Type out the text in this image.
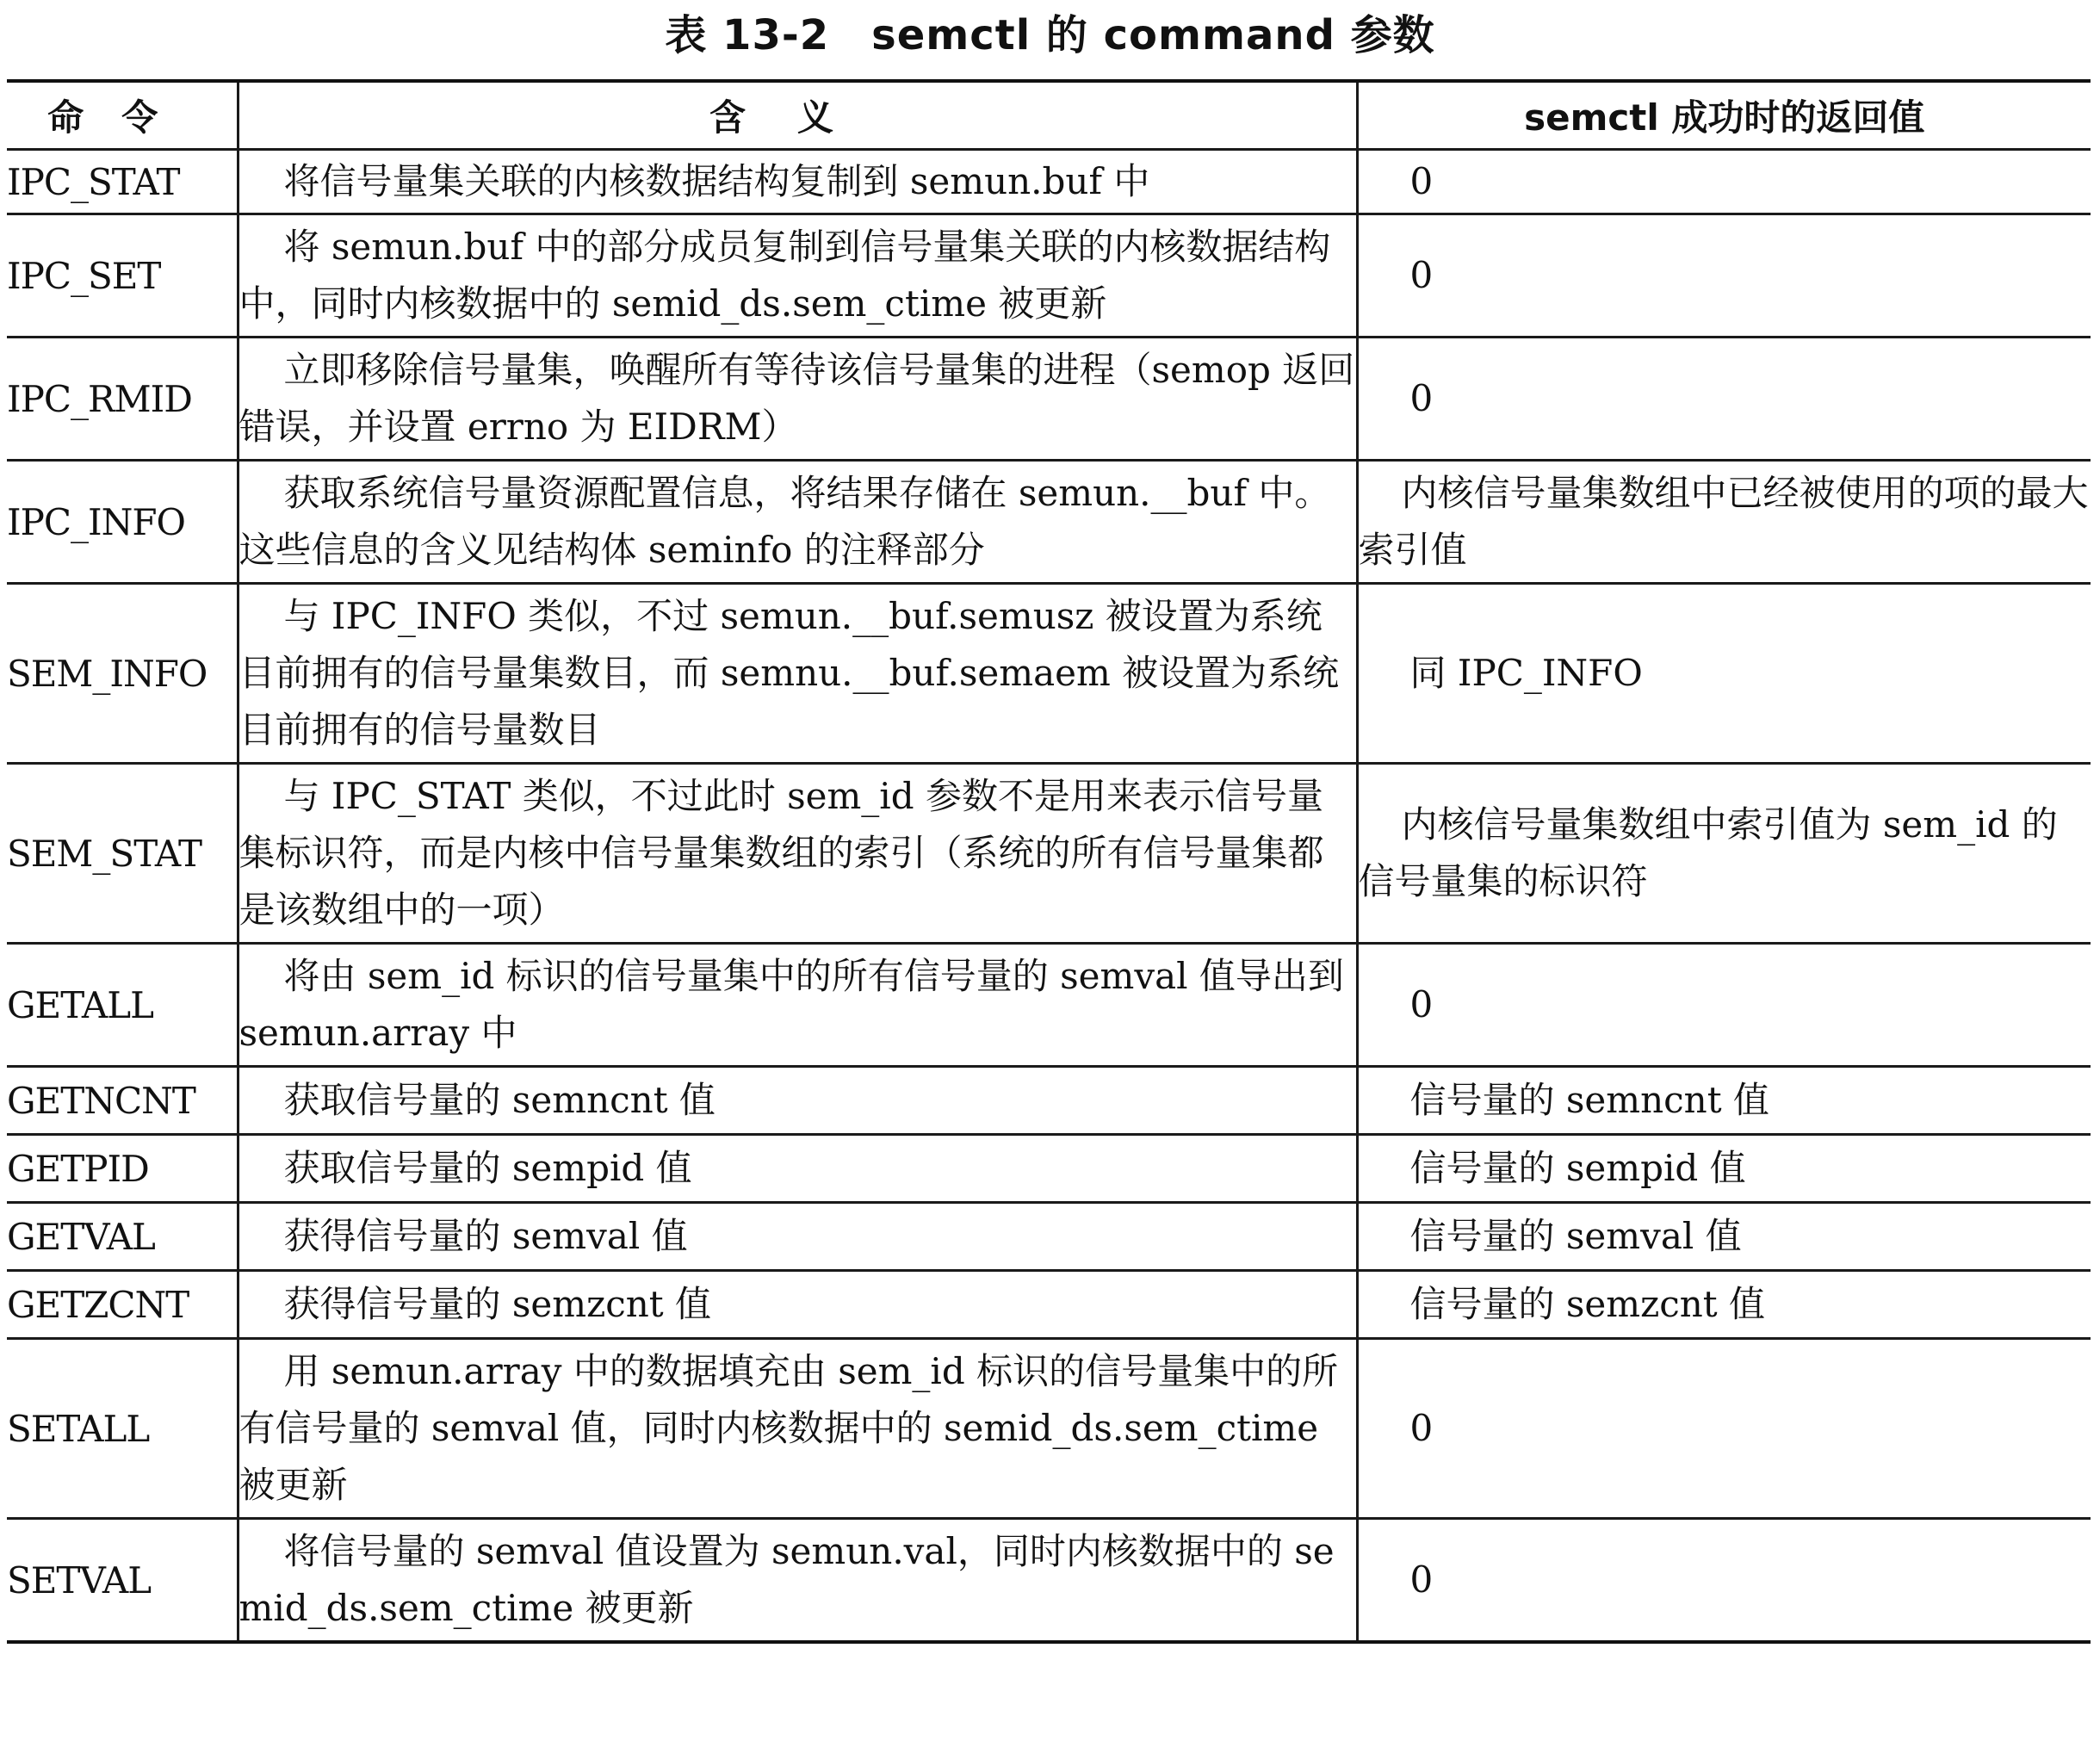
表 13-2　semctl 的 command 参数
命令	含义	semctl 成功时的返回值
IPC_STAT	将信号量集关联的内核数据结构复制到 semun.buf 中	0
IPC_SET	将 semun.buf 中的部分成员复制到信号量集关联的内核数据结构中，同时内核数据中的 semid_ds.sem_ctime 被更新	0
IPC_RMID	立即移除信号量集，唤醒所有等待该信号量集的进程（semop 返回错误，并设置 errno 为 EIDRM）	0
IPC_INFO	获取系统信号量资源配置信息，将结果存储在 semun.__buf 中。这些信息的含义见结构体 seminfo 的注释部分	内核信号量集数组中已经被使用的项的最大索引值
SEM_INFO	与 IPC_INFO 类似，不过 semun.__buf.semusz 被设置为系统目前拥有的信号量集数目，而 semnu.__buf.semaem 被设置为系统目前拥有的信号量数目	同 IPC_INFO
SEM_STAT	与 IPC_STAT 类似，不过此时 sem_id 参数不是用来表示信号量集标识符，而是内核中信号量集数组的索引（系统的所有信号量集都是该数组中的一项）	内核信号量集数组中索引值为 sem_id 的信号量集的标识符
GETALL	将由 sem_id 标识的信号量集中的所有信号量的 semval 值导出到 semun.array 中	0
GETNCNT	获取信号量的 semncnt 值	信号量的 semncnt 值
GETPID	获取信号量的 sempid 值	信号量的 sempid 值
GETVAL	获得信号量的 semval 值	信号量的 semval 值
GETZCNT	获得信号量的 semzcnt 值	信号量的 semzcnt 值
SETALL	用 semun.array 中的数据填充由 sem_id 标识的信号量集中的所有信号量的 semval 值，同时内核数据中的 semid_ds.sem_ctime 被更新	0
SETVAL	将信号量的 semval 值设置为 semun.val，同时内核数据中的 semid_ds.sem_ctime 被更新	0
